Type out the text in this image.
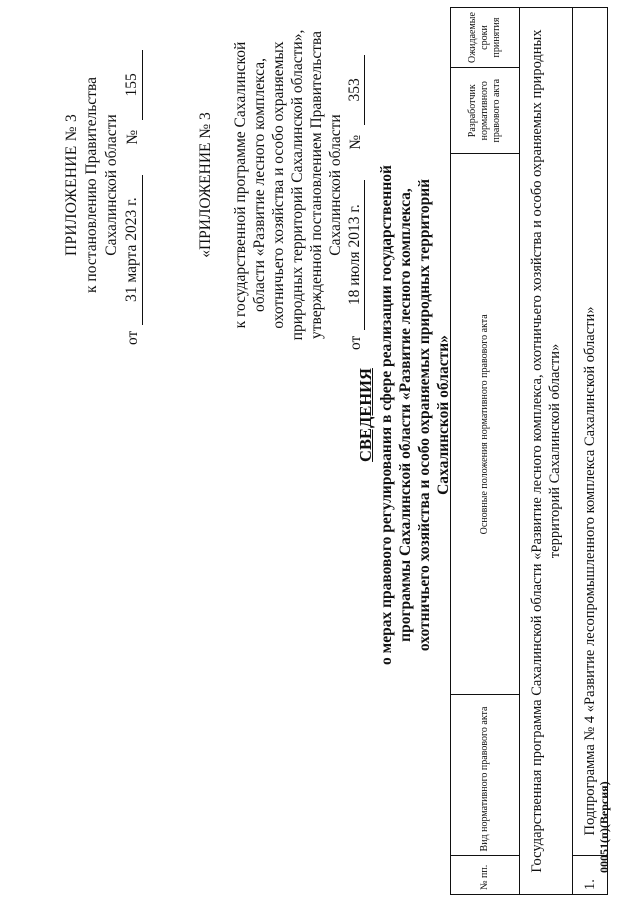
ПРИЛОЖЕНИЕ № 3 к постановлению Правительства Сахалинской области
от
31 марта 2023 г.
№
155
«ПРИЛОЖЕНИЕ № 3 к государственной программе Сахалинской области «Развитие лесного комплекса, охотничьего хозяйства и особо охраняемых природных территорий Сахалинской области», утвержденной постановлением Правительства Сахалинской области
от
18 июля 2013 г.
№
353
СВЕДЕНИЯ о мерах правового регулирования в сфере реализации государственной программы Сахалинской области «Развитие лесного комплекса, охотничьего хозяйства и особо охраняемых природных территорий Сахалинской области»
№ пп.	Вид нормативного правового акта	Основные положения нормативного правового акта	Разработчик нормативного правового акта	Ожидаемые сроки принятия
Государственная программа Сахалинской области «Развитие лесного комплекса, охотничьего хозяйства и особо охраняемых природных территорий Сахалинской области»				
1.	Подпрограмма № 4 «Развитие лесопромышленного комплекса Сахалинской области»			00051(п)(Версия)
